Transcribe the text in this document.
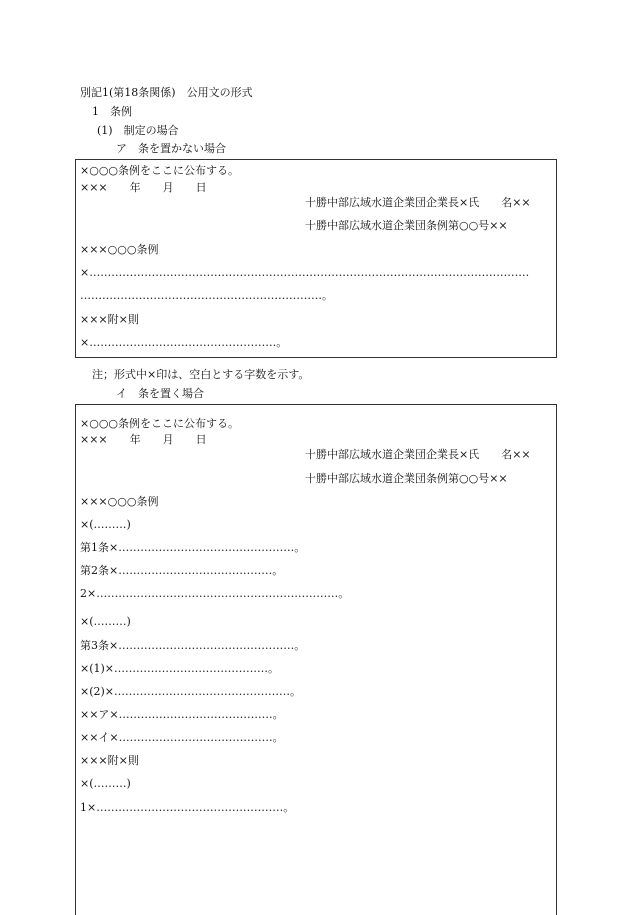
別記1(第18条関係)　公用文の形式
1　条例
(1)　制定の場合
ア　条を置かない場合
×○○○条例をここに公布する。
×××　　年　　月　　日
十勝中部広域水道企業団企業長×氏　　名××
十勝中部広域水道企業団条例第○○号××
×××○○○条例
×…………………………………………………………………………………………………………
…………………………………………………………。
×××附×則
×……………………………………………。
注；形式中×印は、空白とする字数を示す。
イ　条を置く場合
×○○○条例をここに公布する。
×××　　年　　月　　日
十勝中部広域水道企業団企業長×氏　　名××
十勝中部広域水道企業団条例第○○号××
×××○○○条例
×(………)
第1条×…………………………………………。
第2条×……………………………………。
2×…………………………………………………………。
×(………)
第3条×…………………………………………。
×(1)×……………………………………。
×(2)×…………………………………………。
××ア×……………………………………。
××イ×……………………………………。
×××附×則
×(………)
1×……………………………………………。
